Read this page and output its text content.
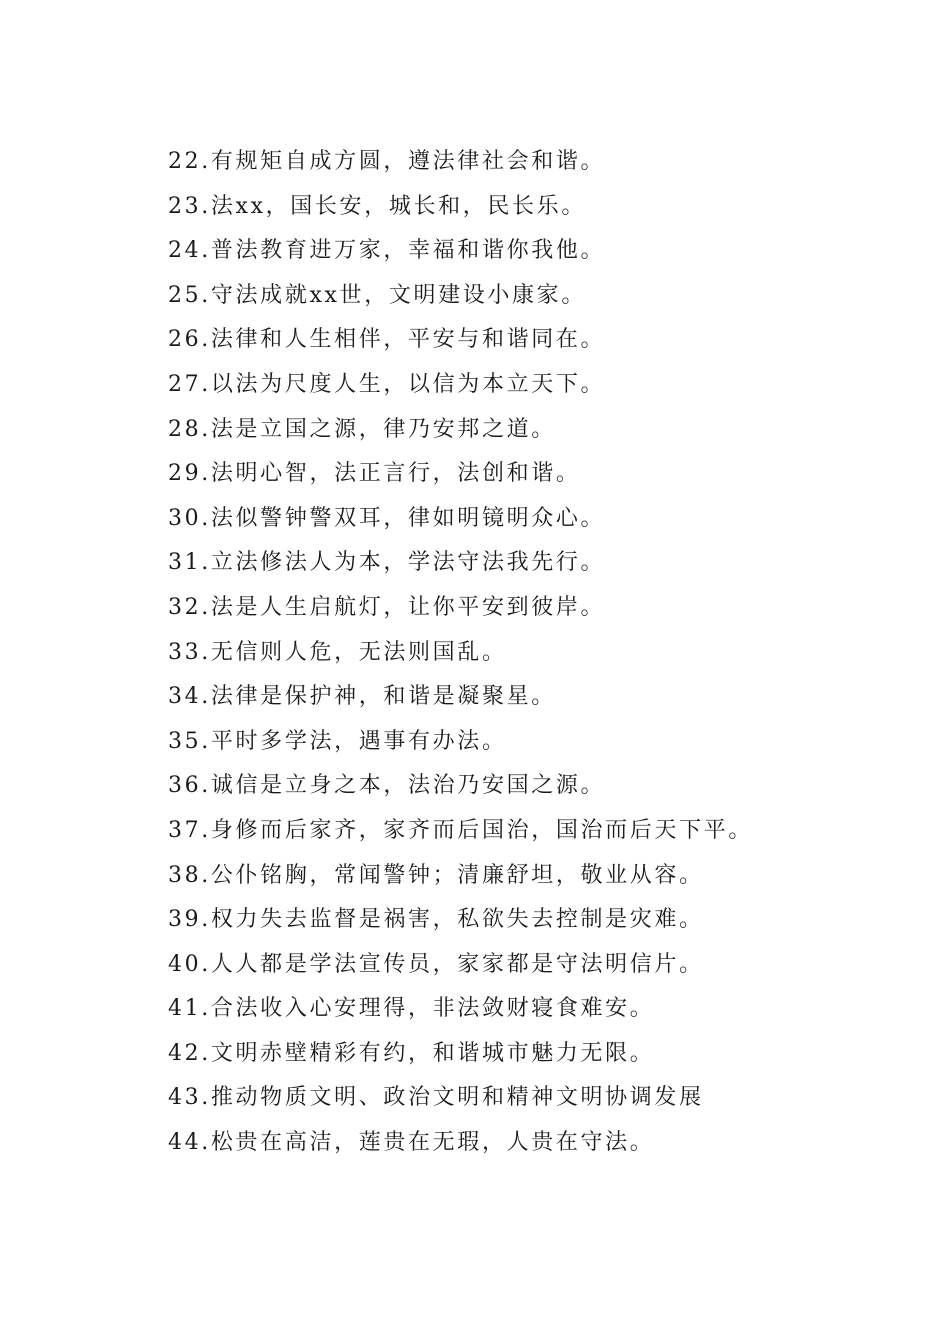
22.有规矩自成方圆，遵法律社会和谐。
23.法xx，国长安，城长和，民长乐。
24.普法教育进万家，幸福和谐你我他。
25.守法成就xx世，文明建设小康家。
26.法律和人生相伴，平安与和谐同在。
27.以法为尺度人生，以信为本立天下。
28.法是立国之源，律乃安邦之道。
29.法明心智，法正言行，法创和谐。
30.法似警钟警双耳，律如明镜明众心。
31.立法修法人为本，学法守法我先行。
32.法是人生启航灯，让你平安到彼岸。
33.无信则人危，无法则国乱。
34.法律是保护神，和谐是凝聚星。
35.平时多学法，遇事有办法。
36.诚信是立身之本，法治乃安国之源。
37.身修而后家齐，家齐而后国治，国治而后天下平。
38.公仆铭胸，常闻警钟；清廉舒坦，敬业从容。
39.权力失去监督是祸害，私欲失去控制是灾难。
40.人人都是学法宣传员，家家都是守法明信片。
41.合法收入心安理得，非法敛财寝食难安。
42.文明赤壁精彩有约，和谐城市魅力无限。
43.推动物质文明、政治文明和精神文明协调发展
44.松贵在高洁，莲贵在无瑕，人贵在守法。
